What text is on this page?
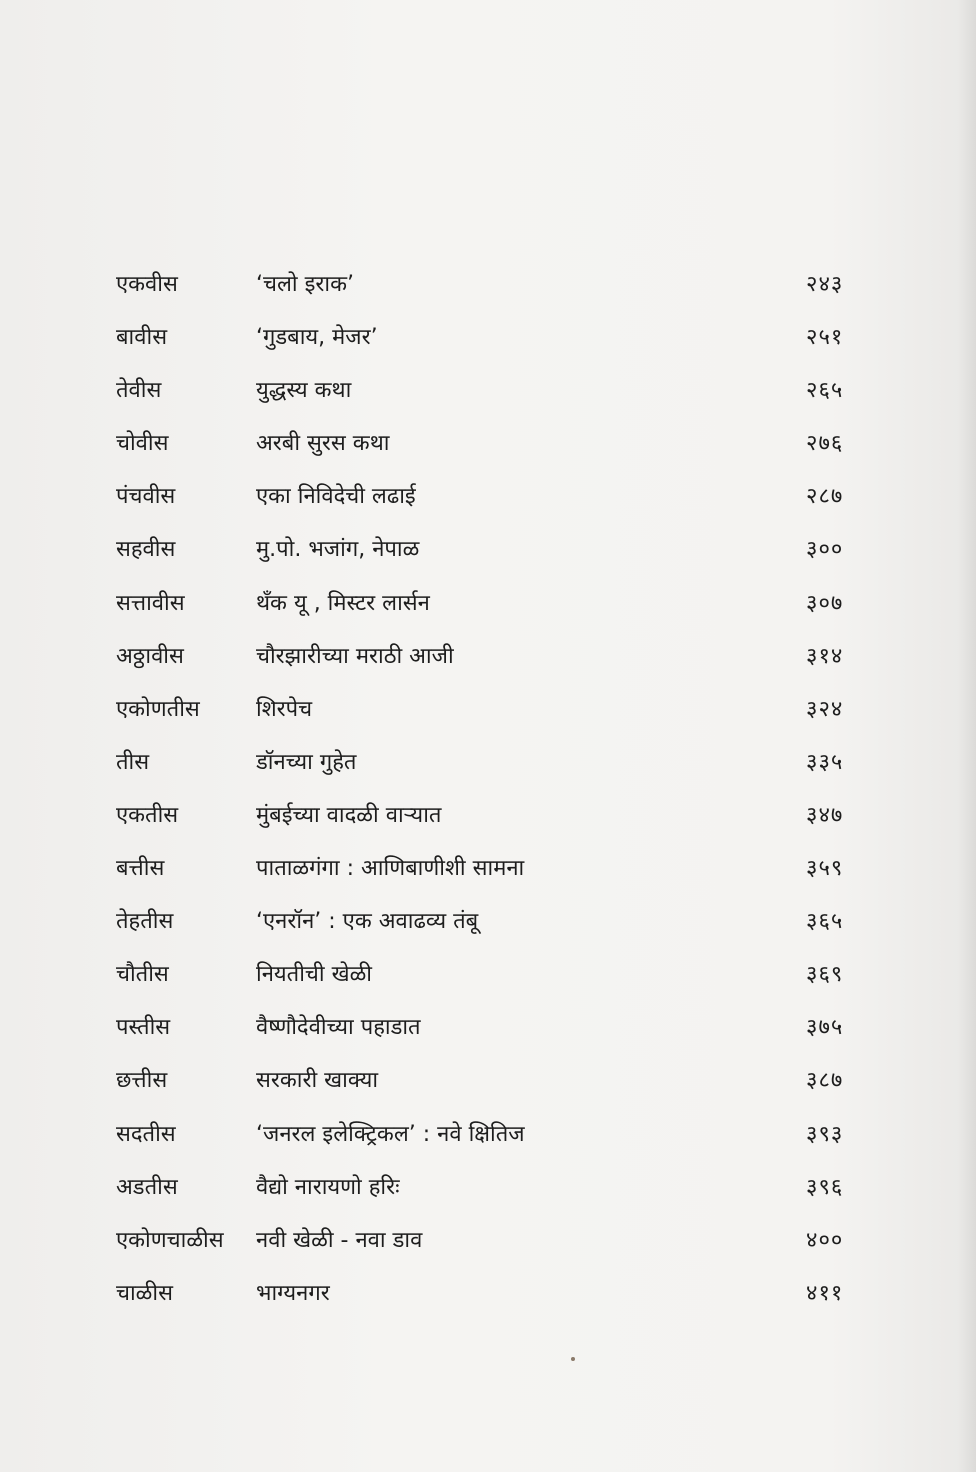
एकवीस	‘चलो इराक’	२४३
बावीस	‘गुडबाय, मेजर’	२५१
तेवीस	युद्धस्य कथा	२६५
चोवीस	अरबी सुरस कथा	२७६
पंचवीस	एका निविदेची लढाई	२८७
सहवीस	मु.पो. भजांग, नेपाळ	३००
सत्तावीस	थँक यू , मिस्टर लार्सन	३०७
अठ्ठावीस	चौरझारीच्या मराठी आजी	३१४
एकोणतीस	शिरपेच	३२४
तीस	डॉनच्या गुहेत	३३५
एकतीस	मुंबईच्या वादळी वाऱ्यात	३४७
बत्तीस	पाताळगंगा : आणिबाणीशी सामना	३५९
तेहतीस	‘एनरॉन’ : एक अवाढव्य तंबू	३६५
चौतीस	नियतीची खेळी	३६९
पस्तीस	वैष्णौदेवीच्या पहाडात	३७५
छत्तीस	सरकारी खाक्या	३८७
सदतीस	‘जनरल इलेक्ट्रिकल’ : नवे क्षितिज	३९३
अडतीस	वैद्यो नारायणो हरिः	३९६
एकोणचाळीस	नवी खेळी - नवा डाव	४००
चाळीस	भाग्यनगर	४११
